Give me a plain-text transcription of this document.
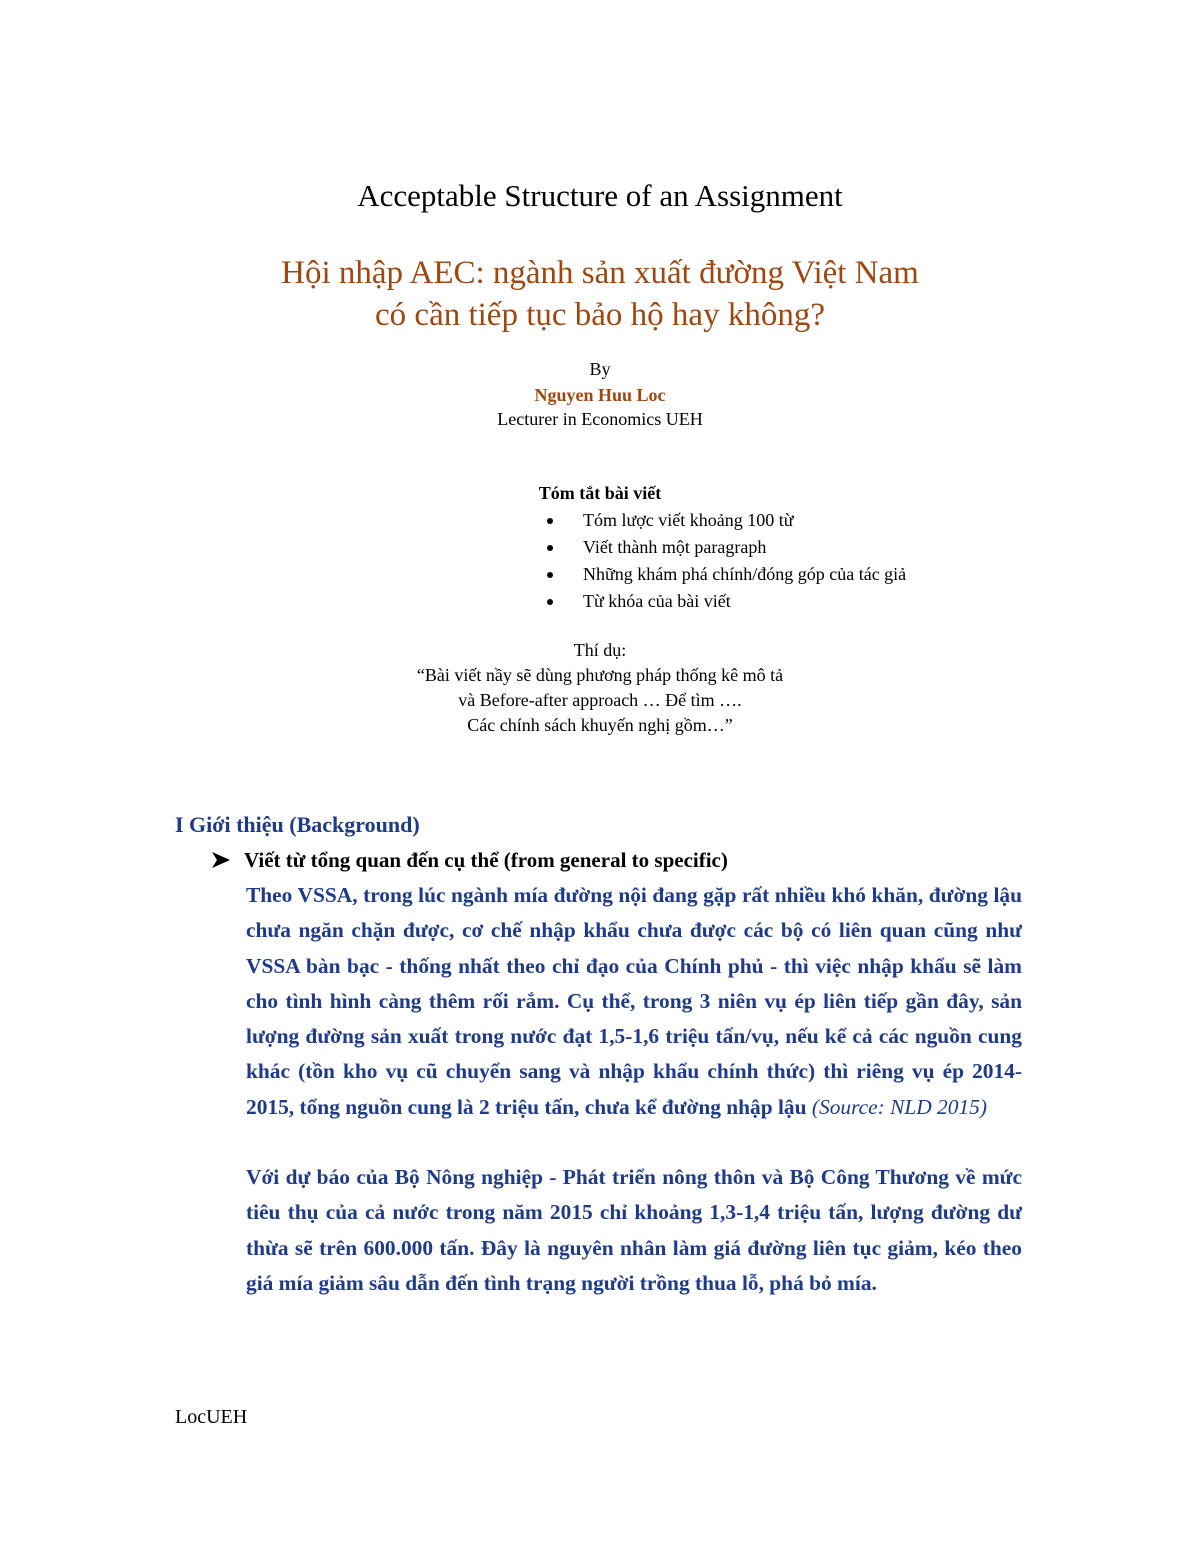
Acceptable Structure of an Assignment
Hội nhập AEC: ngành sản xuất đường Việt Nam
có cần tiếp tục bảo hộ hay không?
By
Nguyen Huu Loc
Lecturer in Economics UEH
Tóm tắt bài viết
Tóm lược viết khoảng 100 từ
Viết thành một paragraph
Những khám phá chính/đóng góp của tác giả
Từ khóa của bài viết
Thí dụ:
“Bài viết nầy sẽ dùng phương pháp thống kê mô tả
và Before-after approach … Để tìm ….
Các chính sách khuyến nghị gồm…”
I Giới thiệu (Background)
Viết từ tổng quan đến cụ thể (from general to specific)
Theo VSSA, trong lúc ngành mía đường nội đang gặp rất nhiều khó khăn, đường lậu chưa ngăn chặn được, cơ chế nhập khẩu chưa được các bộ có liên quan cũng như VSSA bàn bạc - thống nhất theo chỉ đạo của Chính phủ - thì việc nhập khẩu sẽ làm cho tình hình càng thêm rối rắm. Cụ thể, trong 3 niên vụ ép liên tiếp gần đây, sản lượng đường sản xuất trong nước đạt 1,5-1,6 triệu tấn/vụ, nếu kể cả các nguồn cung khác (tồn kho vụ cũ chuyển sang và nhập khẩu chính thức) thì riêng vụ ép 2014-2015, tổng nguồn cung là 2 triệu tấn, chưa kể đường nhập lậu (Source: NLD 2015)
Với dự báo của Bộ Nông nghiệp - Phát triển nông thôn và Bộ Công Thương về mức tiêu thụ của cả nước trong năm 2015 chỉ khoảng 1,3-1,4 triệu tấn, lượng đường dư thừa sẽ trên 600.000 tấn. Đây là nguyên nhân làm giá đường liên tục giảm, kéo theo giá mía giảm sâu dẫn đến tình trạng người trồng thua lỗ, phá bỏ mía.
LocUEH
